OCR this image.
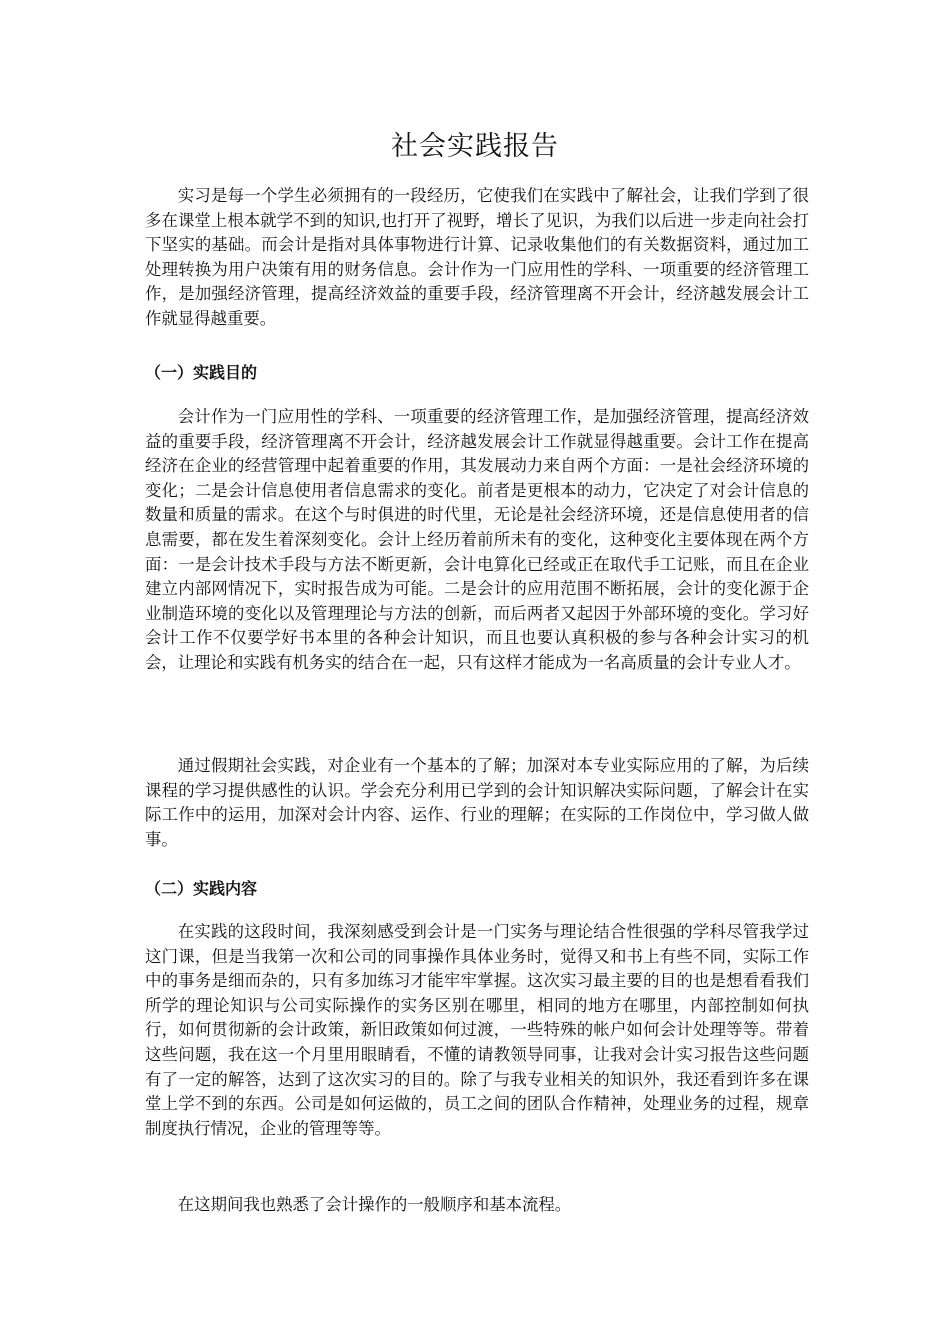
社会实践报告

实习是每一个学生必须拥有的一段经历，它使我们在实践中了解社会，让我们学到了很多在课堂上根本就学不到的知识,也打开了视野，增长了见识，为我们以后进一步走向社会打下坚实的基础。而会计是指对具体事物进行计算、记录收集他们的有关数据资料，通过加工处理转换为用户决策有用的财务信息。会计作为一门应用性的学科、一项重要的经济管理工作，是加强经济管理，提高经济效益的重要手段，经济管理离不开会计，经济越发展会计工作就显得越重要。

（一）实践目的

会计作为一门应用性的学科、一项重要的经济管理工作，是加强经济管理，提高经济效益的重要手段，经济管理离不开会计，经济越发展会计工作就显得越重要。会计工作在提高经济在企业的经营管理中起着重要的作用，其发展动力来自两个方面：一是社会经济环境的变化；二是会计信息使用者信息需求的变化。前者是更根本的动力，它决定了对会计信息的数量和质量的需求。在这个与时俱进的时代里，无论是社会经济环境，还是信息使用者的信息需要，都在发生着深刻变化。会计上经历着前所未有的变化，这种变化主要体现在两个方面：一是会计技术手段与方法不断更新，会计电算化已经或正在取代手工记账，而且在企业建立内部网情况下，实时报告成为可能。二是会计的应用范围不断拓展，会计的变化源于企业制造环境的变化以及管理理论与方法的创新，而后两者又起因于外部环境的变化。学习好会计工作不仅要学好书本里的各种会计知识，而且也要认真积极的参与各种会计实习的机会，让理论和实践有机务实的结合在一起，只有这样才能成为一名高质量的会计专业人才。

通过假期社会实践，对企业有一个基本的了解；加深对本专业实际应用的了解，为后续课程的学习提供感性的认识。学会充分利用已学到的会计知识解决实际问题，了解会计在实际工作中的运用，加深对会计内容、运作、行业的理解；在实际的工作岗位中，学习做人做事。

（二）实践内容

在实践的这段时间，我深刻感受到会计是一门实务与理论结合性很强的学科尽管我学过这门课，但是当我第一次和公司的同事操作具体业务时，觉得又和书上有些不同，实际工作中的事务是细而杂的，只有多加练习才能牢牢掌握。这次实习最主要的目的也是想看看我们所学的理论知识与公司实际操作的实务区别在哪里，相同的地方在哪里，内部控制如何执行，如何贯彻新的会计政策，新旧政策如何过渡，一些特殊的帐户如何会计处理等等。带着这些问题，我在这一个月里用眼睛看，不懂的请教领导同事，让我对会计实习报告这些问题有了一定的解答，达到了这次实习的目的。除了与我专业相关的知识外，我还看到许多在课堂上学不到的东西。公司是如何运做的，员工之间的团队合作精神，处理业务的过程，规章制度执行情况，企业的管理等等。

在这期间我也熟悉了会计操作的一般顺序和基本流程。
